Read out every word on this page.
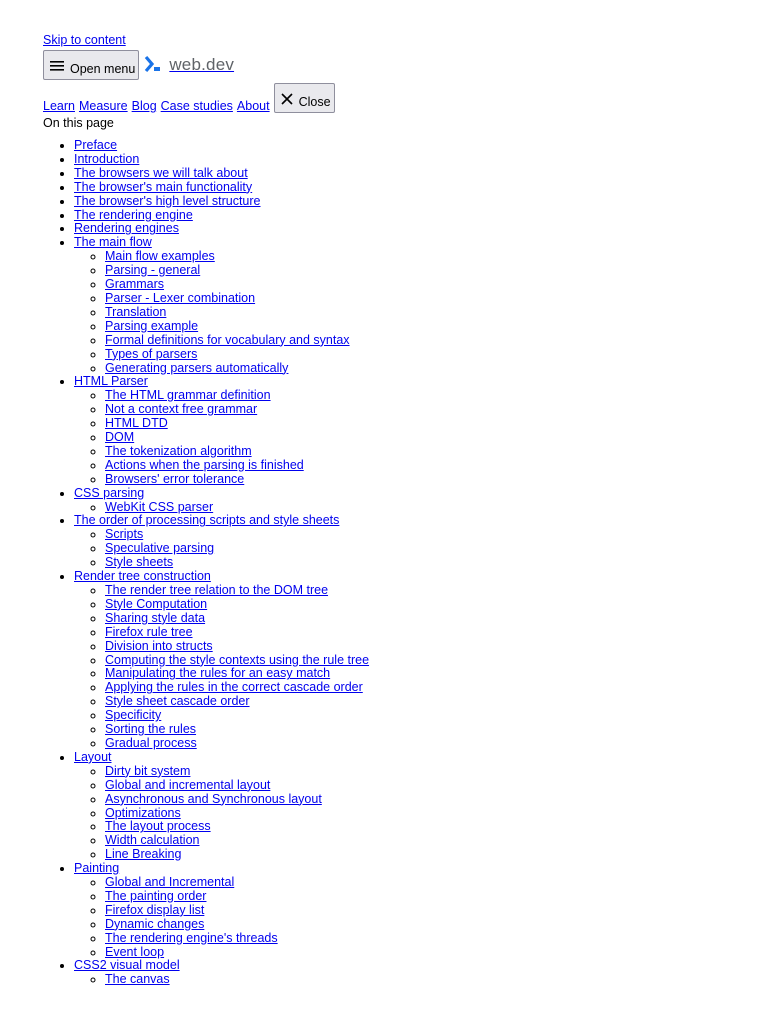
Skip to content
Open menu web.dev
Learn Measure Blog Case studies About Close
On this page
• Preface
• Introduction
• The browsers we will talk about
• The browser's main functionality
• The browser's high level structure
• The rendering engine
• Rendering engines
• The main flow
◦ Main flow examples
◦ Parsing - general
◦ Grammars
◦ Parser - Lexer combination
◦ Translation
◦ Parsing example
◦ Formal definitions for vocabulary and syntax
◦ Types of parsers
◦ Generating parsers automatically
• HTML Parser
◦ The HTML grammar definition
◦ Not a context free grammar
◦ HTML DTD
◦ DOM
◦ The tokenization algorithm
◦ Actions when the parsing is finished
◦ Browsers' error tolerance
• CSS parsing
◦ WebKit CSS parser
• The order of processing scripts and style sheets
◦ Scripts
◦ Speculative parsing
◦ Style sheets
• Render tree construction
◦ The render tree relation to the DOM tree
◦ Style Computation
◦ Sharing style data
◦ Firefox rule tree
◦ Division into structs
◦ Computing the style contexts using the rule tree
◦ Manipulating the rules for an easy match
◦ Applying the rules in the correct cascade order
◦ Style sheet cascade order
◦ Specificity
◦ Sorting the rules
◦ Gradual process
• Layout
◦ Dirty bit system
◦ Global and incremental layout
◦ Asynchronous and Synchronous layout
◦ Optimizations
◦ The layout process
◦ Width calculation
◦ Line Breaking
• Painting
◦ Global and Incremental
◦ The painting order
◦ Firefox display list
◦ Dynamic changes
◦ The rendering engine's threads
◦ Event loop
• CSS2 visual model
◦ The canvas
